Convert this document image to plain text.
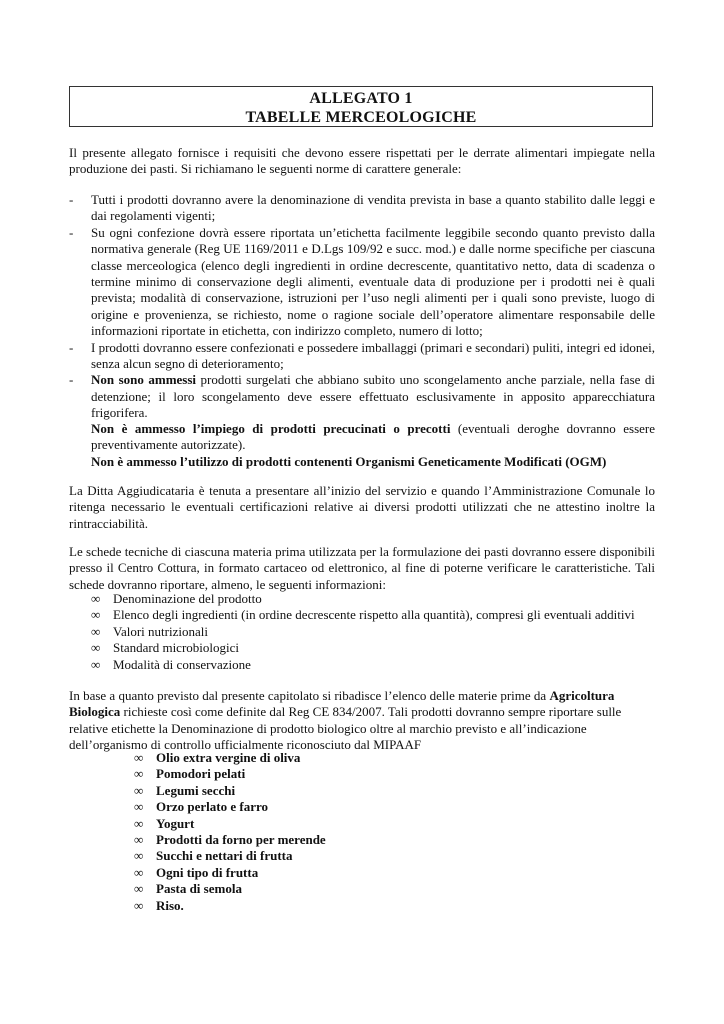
ALLEGATO 1
TABELLE MERCEOLOGICHE

Il presente allegato fornisce i requisiti che devono essere rispettati per le derrate alimentari impiegate nella produzione dei pasti. Si richiamano le seguenti norme di carattere generale:

- Tutti i prodotti dovranno avere la denominazione di vendita prevista in base a quanto stabilito dalle leggi e dai regolamenti vigenti;
- Su ogni confezione dovrà essere riportata un’etichetta facilmente leggibile secondo quanto previsto dalla normativa generale (Reg UE 1169/2011 e D.Lgs 109/92 e succ. mod.) e dalle norme specifiche per ciascuna classe merceologica (elenco degli ingredienti in ordine decrescente, quantitativo netto, data di scadenza o termine minimo di conservazione degli alimenti, eventuale data di produzione per i prodotti nei è quali prevista; modalità di conservazione, istruzioni per l’uso negli alimenti per i quali sono previste, luogo di origine e provenienza, se richiesto, nome o ragione sociale dell’operatore alimentare responsabile delle informazioni riportate in etichetta, con indirizzo completo, numero di lotto;
- I prodotti dovranno essere confezionati e possedere imballaggi (primari e secondari) puliti, integri ed idonei, senza alcun segno di deterioramento;
- Non sono ammessi prodotti surgelati che abbiano subito uno scongelamento anche parziale, nella fase di detenzione; il loro scongelamento deve essere effettuato esclusivamente in apposito apparecchiatura frigorifera.

Non è ammesso l’impiego di prodotti precucinati o precotti (eventuali deroghe dovranno essere preventivamente autorizzate).
Non è ammesso l’utilizzo di prodotti contenenti Organismi Geneticamente Modificati (OGM)

La Ditta Aggiudicataria è tenuta a presentare all’inizio del servizio e quando l’Amministrazione Comunale lo ritenga necessario le eventuali certificazioni relative ai diversi prodotti utilizzati che ne attestino inoltre la rintracciabilità.

Le schede tecniche di ciascuna materia prima utilizzata per la formulazione dei pasti dovranno essere disponibili presso il Centro Cottura, in formato cartaceo od elettronico, al fine di poterne verificare le caratteristiche. Tali schede dovranno riportare, almeno, le seguenti informazioni:

∞ Denominazione del prodotto
∞ Elenco degli ingredienti (in ordine decrescente rispetto alla quantità), compresi gli eventuali additivi
∞ Valori nutrizionali
∞ Standard microbiologici
∞ Modalità di conservazione

In base a quanto previsto dal presente capitolato si ribadisce l’elenco delle materie prime da Agricoltura Biologica richieste così come definite dal Reg CE 834/2007. Tali prodotti dovranno sempre riportare sulle relative etichette la Denominazione di prodotto biologico oltre al marchio previsto e all’indicazione dell’organismo di controllo ufficialmente riconosciuto dal MIPAAF

∞ Olio extra vergine di oliva
∞ Pomodori pelati
∞ Legumi secchi
∞ Orzo perlato e farro
∞ Yogurt
∞ Prodotti da forno per merende
∞ Succhi e nettari di frutta
∞ Ogni tipo di frutta
∞ Pasta di semola
∞ Riso.
